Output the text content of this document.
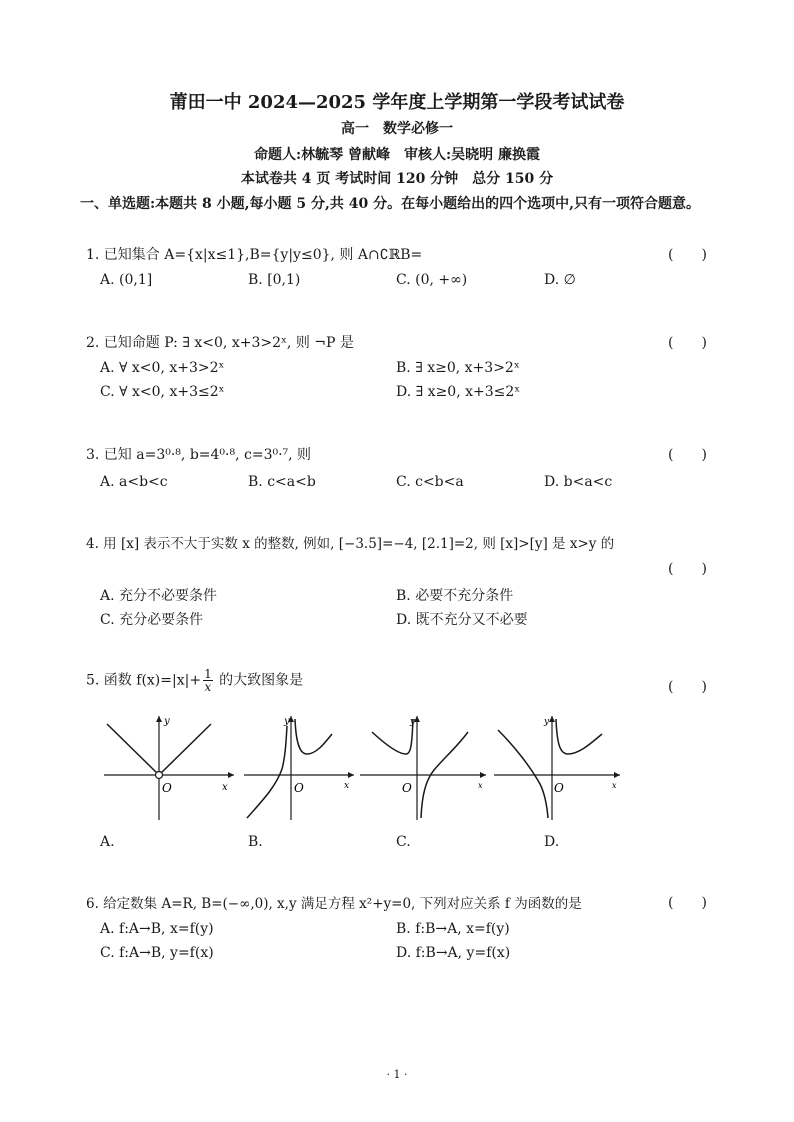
莆田一中 2024—2025 学年度上学期第一学段考试试卷
高一　数学必修一
命题人:林毓琴 曾献峰　审核人:吴晓明 廉换霞
本试卷共 4 页 考试时间 120 分钟　总分 150 分
一、单选题:本题共 8 小题,每小题 5 分,共 40 分。在每小题给出的四个选项中,只有一项符合题意。
1. 已知集合 A={x|x≤1},B={y|y≤0}, 则 A∩∁ℝB=	(　　)
A. (0,1]	B. [0,1)	C. (0, +∞)	D. ∅
2. 已知命题 P: ∃ x<0, x+3>2ˣ, 则 ¬P 是	(　　)
A. ∀ x<0, x+3>2ˣ	B. ∃ x≥0, x+3>2ˣ
C. ∀ x<0, x+3≤2ˣ	D. ∃ x≥0, x+3≤2ˣ
3. 已知 a=3⁰·⁸, b=4⁰·⁸, c=3⁰·⁷, 则	(　　)
A. a<b<c	B. c<a<b	C. c<b<a	D. b<a<c
4. 用 [x] 表示不大于实数 x 的整数, 例如, [−3.5]=−4, [2.1]=2, 则 [x]>[y] 是 x>y 的
(　　)
A. 充分不必要条件	B. 必要不充分条件
C. 充分必要条件	D. 既不充分又不必要
5. 函数 $f(x)=|x|+ \frac{1}{x}$ 的大致图象是	(　　)
y
O	x
y
O	x
y
O	x
y
O	x
A.	B.	C.	D.
6. 给定数集 A=R, B=(−∞,0), x,y 满足方程 x²+y=0, 下列对应关系 f 为函数的是	(　　)
A. f:A→B, x=f(y)	B. f:B→A, x=f(y)
C. f:A→B, y=f(x)	D. f:B→A, y=f(x)
· 1 ·
